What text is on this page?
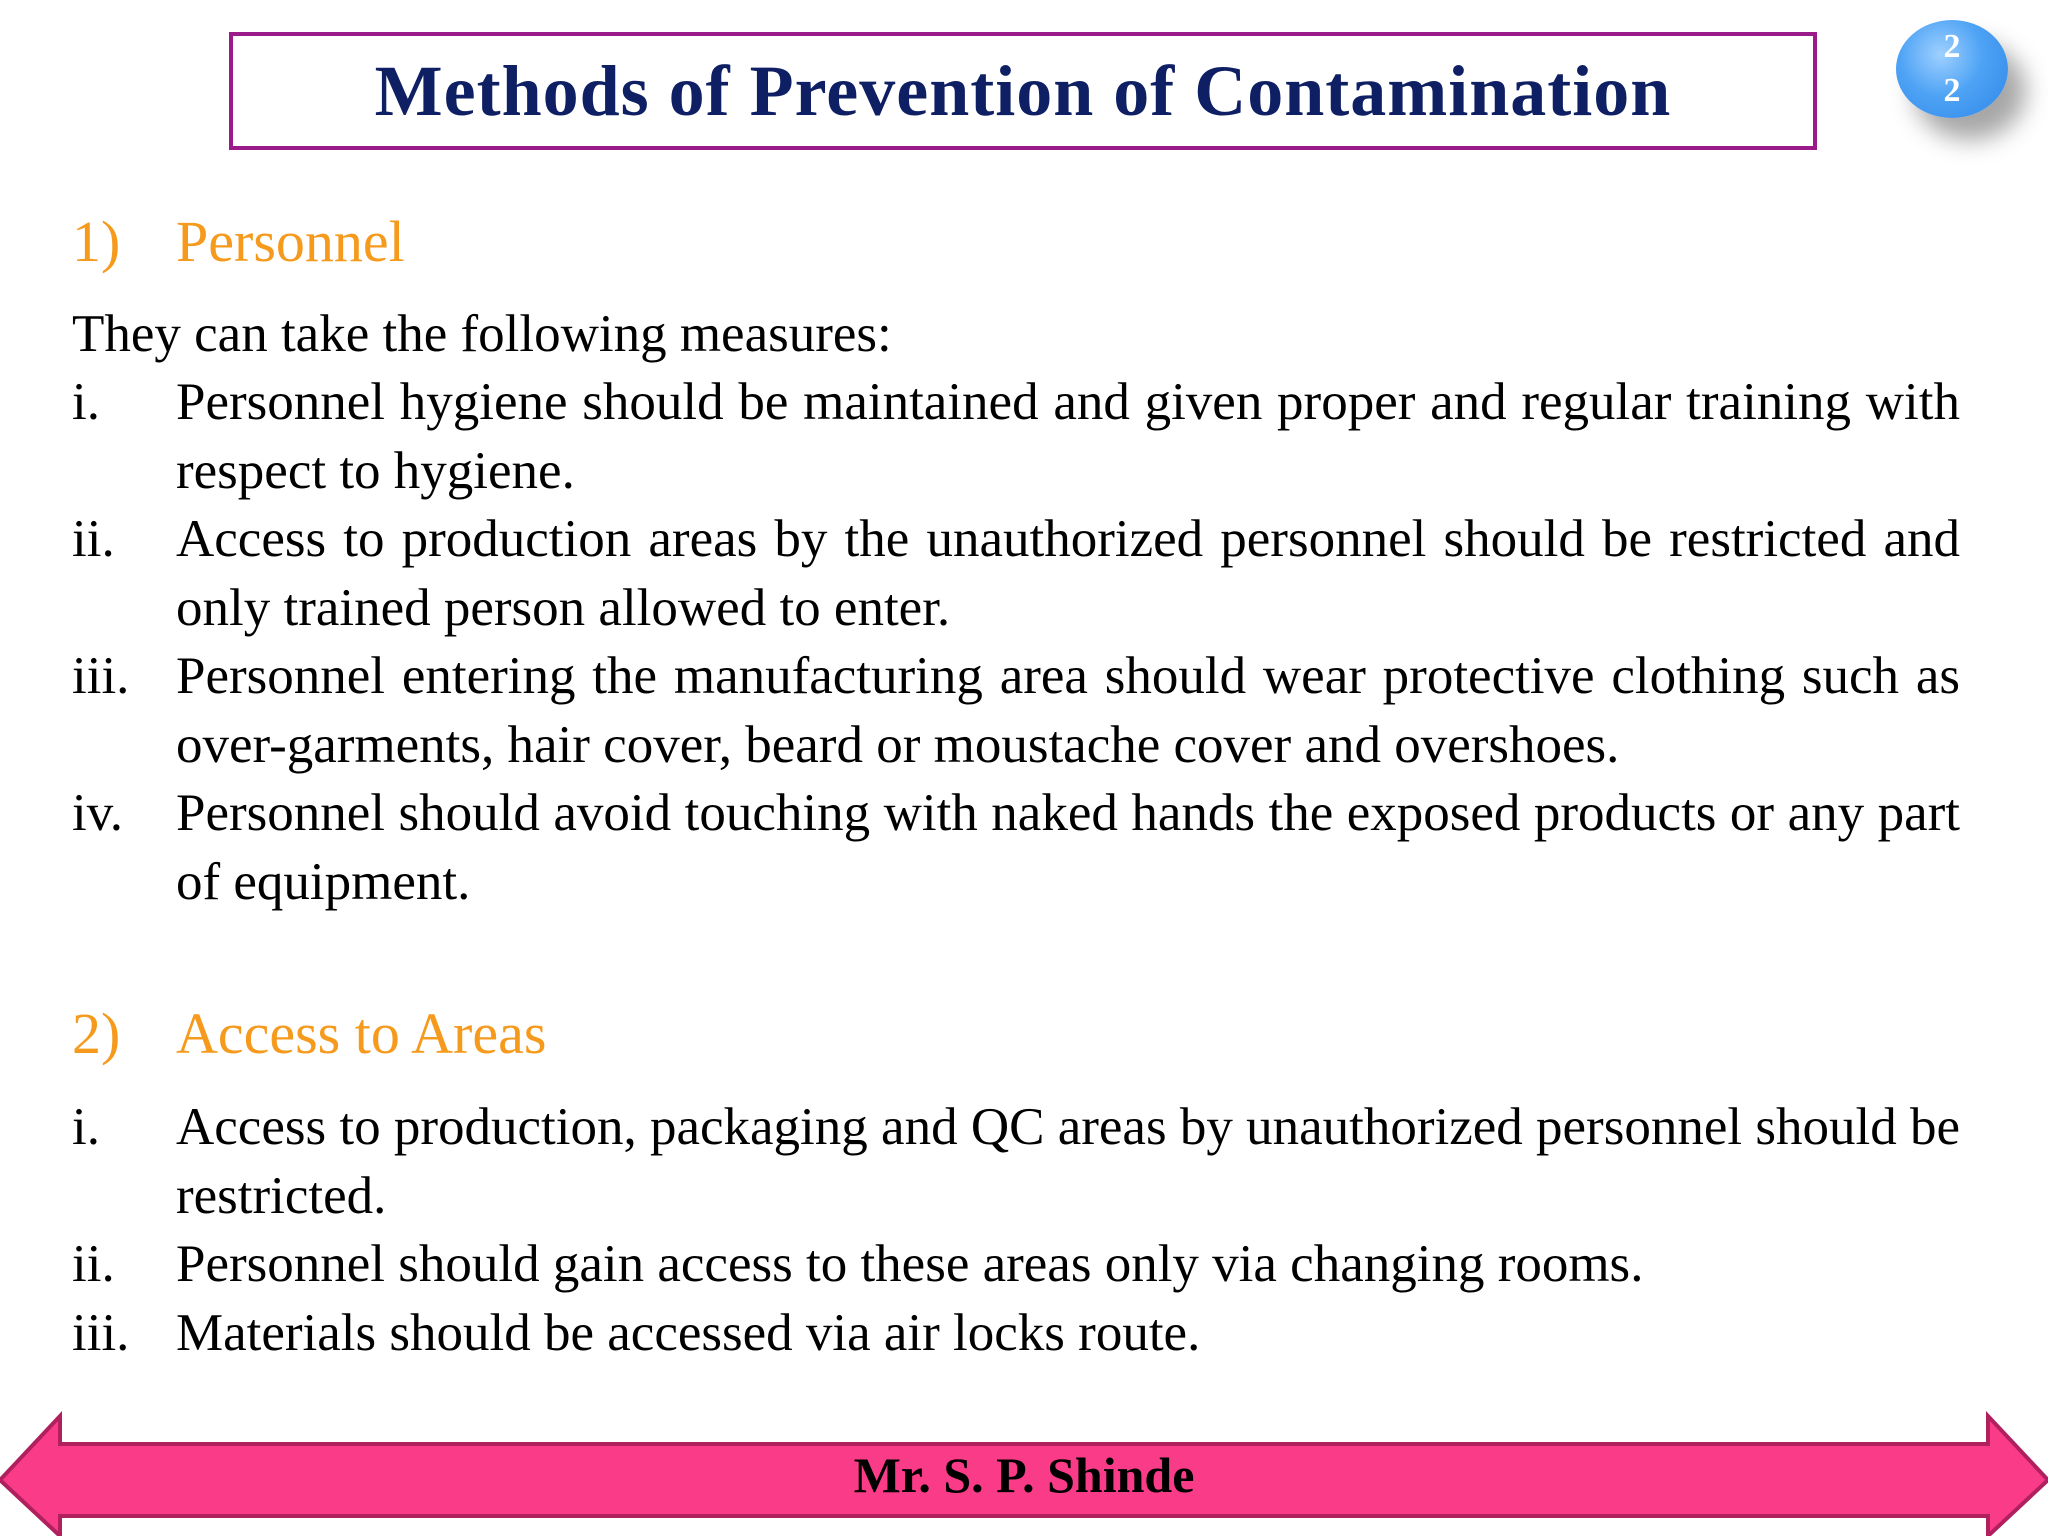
Methods of Prevention of Contamination
2
2
1) Personnel
They can take the following measures:
i.	Personnel hygiene should be maintained and given proper and regular training with respect to hygiene.
ii.	Access to production areas by the unauthorized personnel should be restricted and only trained person allowed to enter.
iii. Personnel entering the manufacturing area should wear protective clothing such as over-garments, hair cover, beard or moustache cover and overshoes.
iv. Personnel should avoid touching with naked hands the exposed products or any part of equipment.
2) Access to Areas
i.	Access to production, packaging and QC areas by unauthorized personnel should be restricted.
ii.	Personnel should gain access to these areas only via changing rooms.
iii. Materials should be accessed via air locks route.
Mr. S. P. Shinde
